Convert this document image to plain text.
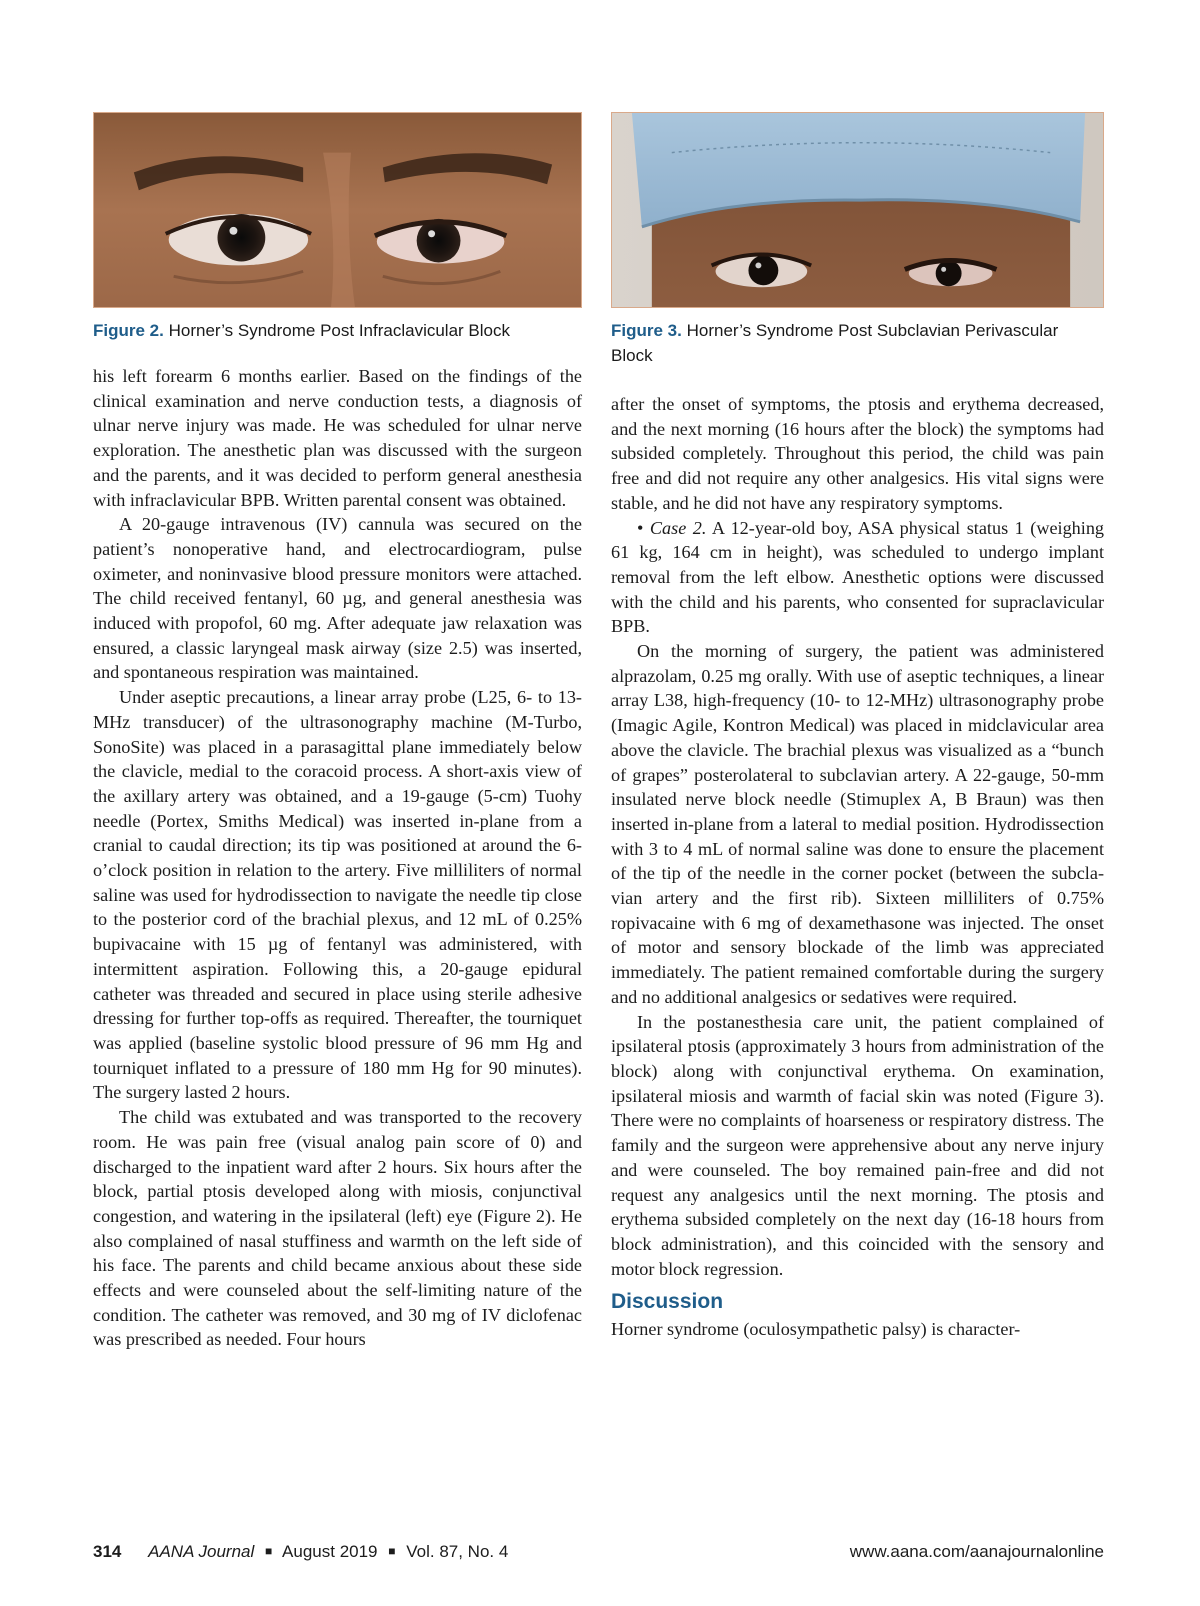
Figure 2. Horner’s Syndrome Post Infraclavicular Block	Figure 3. Horner’s Syndrome Post Subclavian Perivascular Block

his left forearm 6 months earlier. Based on the findings of the clinical examination and nerve conduction tests, a diagnosis of ulnar nerve injury was made. He was scheduled for ulnar nerve exploration. The anesthetic plan was discussed with the surgeon and the parents, and it was decided to perform general anesthesia with infraclavicular BPB. Written parental consent was obtained.

A 20-gauge intravenous (IV) cannula was secured on the patient’s nonoperative hand, and electrocardiogram, pulse oximeter, and noninvasive blood pressure monitors were attached. The child received fentanyl, 60 µg, and general anesthesia was induced with propofol, 60 mg. After adequate jaw relaxation was ensured, a classic laryngeal mask airway (size 2.5) was inserted, and spontaneous respiration was maintained.

Under aseptic precautions, a linear array probe (L25, 6- to 13-MHz transducer) of the ultrasonography machine (M-Turbo, SonoSite) was placed in a parasagittal plane immediately below the clavicle, medial to the coracoid process. A short-axis view of the axillary artery was obtained, and a 19-gauge (5-cm) Tuohy needle (Portex, Smiths Medical) was inserted in-plane from a cranial to caudal direction; its tip was positioned at around the 6-o’clock position in relation to the artery. Five milliliters of normal saline was used for hydrodissection to navigate the needle tip close to the posterior cord of the brachial plexus, and 12 mL of 0.25% bupivacaine with 15 µg of fentanyl was administered, with intermittent aspiration. Following this, a 20-gauge epidural catheter was threaded and secured in place using sterile adhesive dressing for further top-offs as required. Thereafter, the tourniquet was applied (baseline systolic blood pressure of 96 mm Hg and tourniquet inflated to a pressure of 180 mm Hg for 90 minutes). The surgery lasted 2 hours.

The child was extubated and was transported to the recovery room. He was pain free (visual analog pain score of 0) and discharged to the inpatient ward after 2 hours. Six hours after the block, partial ptosis developed along with miosis, conjunctival congestion, and watering in the ipsilateral (left) eye (Figure 2). He also complained of nasal stuffiness and warmth on the left side of his face. The parents and child became anxious about these side effects and were counseled about the self-limiting nature of the condition. The catheter was removed, and 30 mg of IV diclofenac was prescribed as needed. Four hours

after the onset of symptoms, the ptosis and erythema decreased, and the next morning (16 hours after the block) the symptoms had subsided completely. Throughout this period, the child was pain free and did not require any other analgesics. His vital signs were stable, and he did not have any respiratory symptoms.

• Case 2. A 12-year-old boy, ASA physical status 1 (weighing 61 kg, 164 cm in height), was scheduled to undergo implant removal from the left elbow. Anesthetic options were discussed with the child and his parents, who consented for supraclavicular BPB.

On the morning of surgery, the patient was administered alprazolam, 0.25 mg orally. With use of aseptic techniques, a linear array L38, high-frequency (10- to 12-MHz) ultrasonography probe (Imagic Agile, Kontron Medical) was placed in midclavicular area above the clavicle. The brachial plexus was visualized as a “bunch of grapes” posterolateral to subclavian artery. A 22-gauge, 50-mm insulated nerve block needle (Stimuplex A, B Braun) was then inserted in-plane from a lateral to medial position. Hydrodissection with 3 to 4 mL of normal saline was done to ensure the placement of the tip of the needle in the corner pocket (between the subclavian artery and the first rib). Sixteen milliliters of 0.75% ropivacaine with 6 mg of dexamethasone was injected. The onset of motor and sensory blockade of the limb was appreciated immediately. The patient remained comfortable during the surgery and no additional analgesics or sedatives were required.

In the postanesthesia care unit, the patient complained of ipsilateral ptosis (approximately 3 hours from administration of the block) along with conjunctival erythema. On examination, ipsilateral miosis and warmth of facial skin was noted (Figure 3). There were no complaints of hoarseness or respiratory distress. The family and the surgeon were apprehensive about any nerve injury and were counseled. The boy remained pain-free and did not request any analgesics until the next morning. The ptosis and erythema subsided completely on the next day (16-18 hours from block administration), and this coincided with the sensory and motor block regression.

Discussion

Horner syndrome (oculosympathetic palsy) is character-

314 AANA Journal ■ August 2019 ■ Vol. 87, No. 4	www.aana.com/aanajournalonline
